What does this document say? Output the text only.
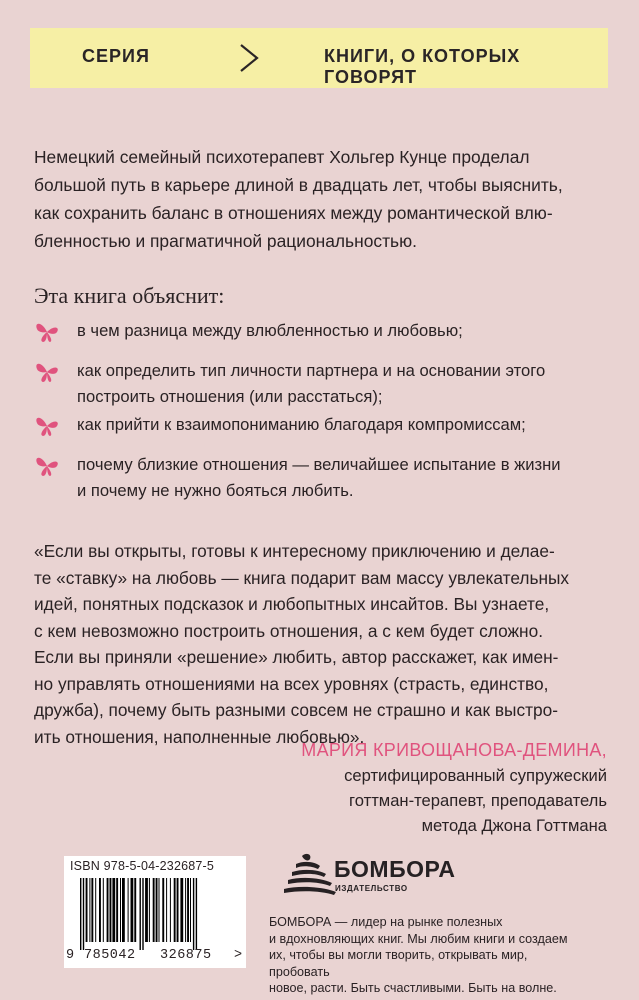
СЕРИЯ	КНИГИ, О КОТОРЫХ ГОВОРЯТ
Немецкий семейный психотерапевт Хольгер Кунце проделал
большой путь в карьере длиной в двадцать лет, чтобы выяснить,
как сохранить баланс в отношениях между романтической влю-
бленностью и прагматичной рациональностью.
Эта книга объяснит:
в чем разница между влюбленностью и любовью;
как определить тип личности партнера и на основании этого
построить отношения (или расстаться);
как прийти к взаимопониманию благодаря компромиссам;
почему близкие отношения — величайшее испытание в жизни
и почему не нужно бояться любить.
«Если вы открыты, готовы к интересному приключению и делае-
те «ставку» на любовь — книга подарит вам массу увлекательных
идей, понятных подсказок и любопытных инсайтов. Вы узнаете,
с кем невозможно построить отношения, а с кем будет сложно.
Если вы приняли «решение» любить, автор расскажет, как имен-
но управлять отношениями на всех уровнях (страсть, единство,
дружба), почему быть разными совсем не страшно и как выстро-
ить отношения, наполненные любовью».
МАРИЯ КРИВОЩАНОВА-ДЕМИНА,
сертифицированный супружеский
готтман-терапевт, преподаватель
метода Джона Готтмана
ISBN 978-5-04-232687-5
9 785042 326875 >
БОМБОРА
ИЗДАТЕЛЬСТВО
БОМБОРА — лидер на рынке полезных
и вдохновляющих книг. Мы любим книги и создаем
их, чтобы вы могли творить, открывать мир, пробовать
новое, расти. Быть счастливыми. Быть на волне.
